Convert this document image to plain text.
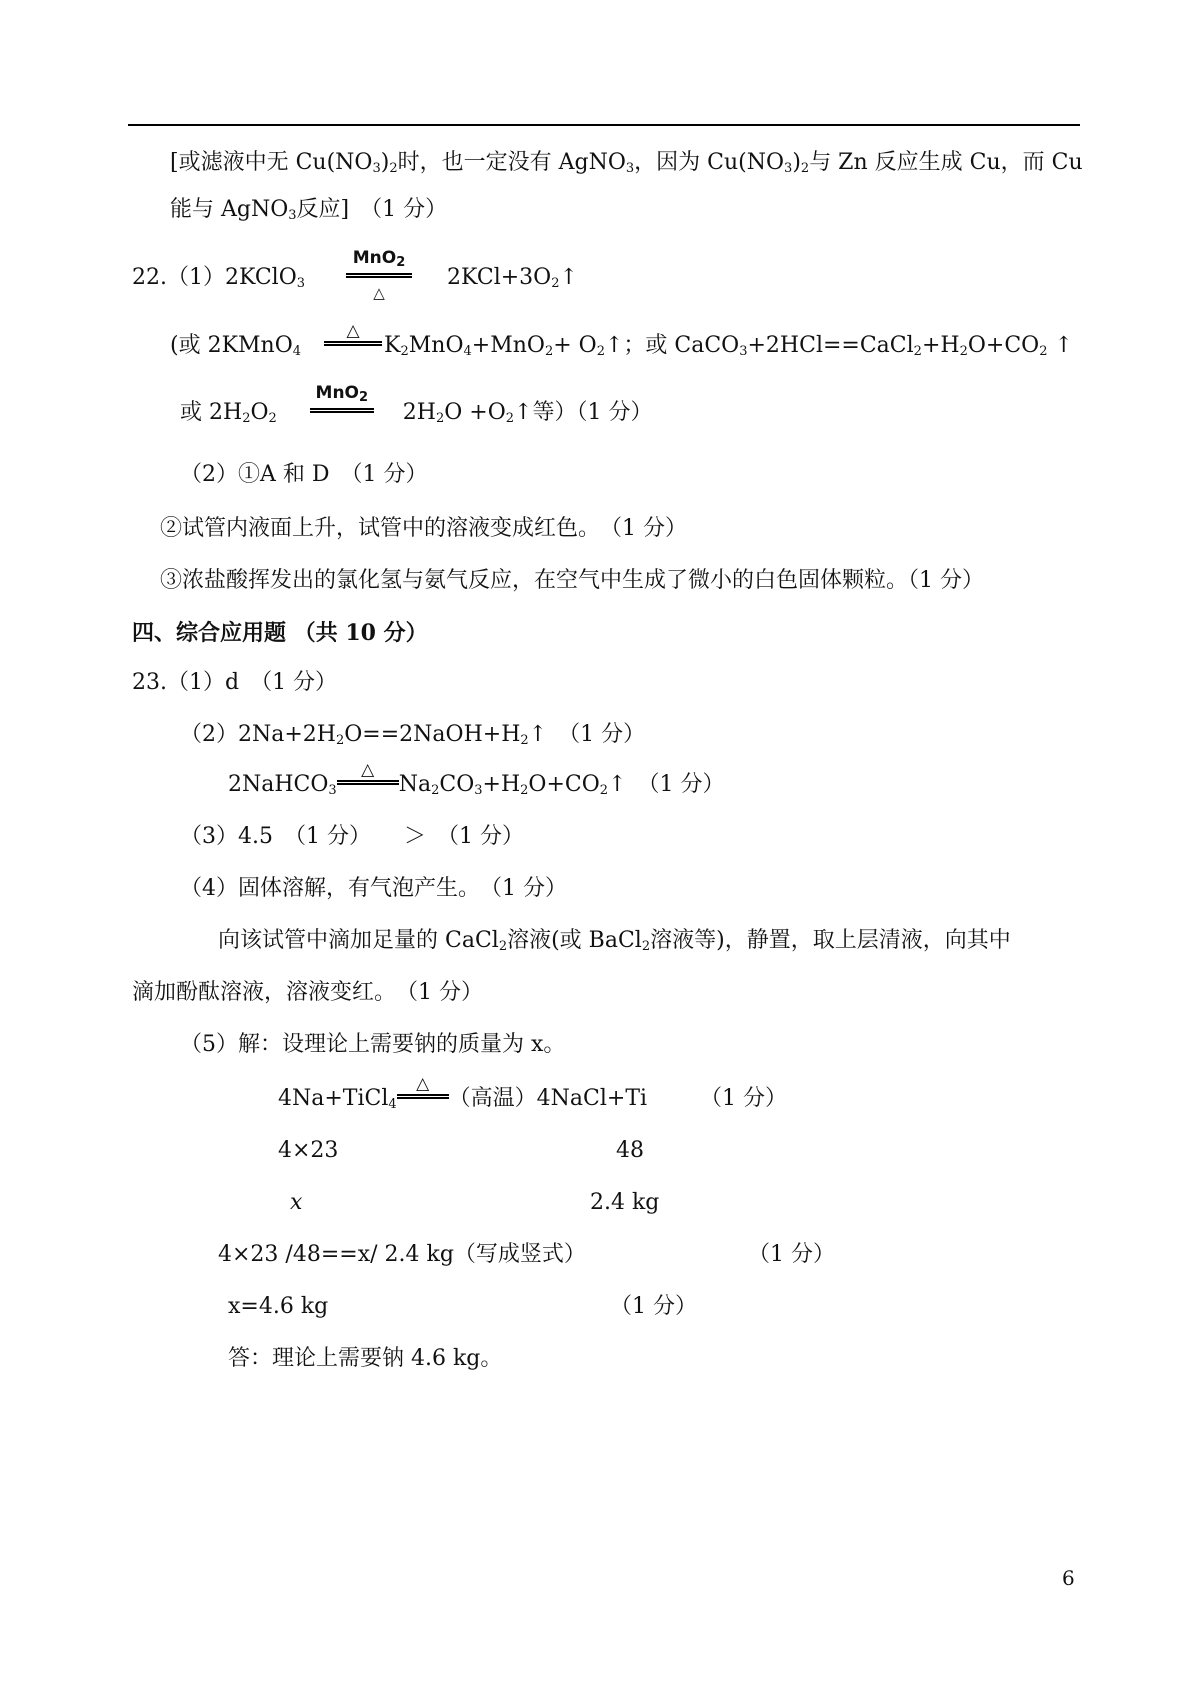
[或滤液中无 $Cu(NO_3)_2$时，也一定没有 AgNO$_3$，因为 $Cu(NO_3)_2$与 Zn 反应生成 Cu，而 Cu
能与 AgNO$_3$反应]　（1 分）
22.（1）2KClO$_3$
MnO$_2$
△
$2KCl+3O_2↑$
(或 2KMnO$_4$
△
$K_2MnO_4+MnO_2+$ $O_2↑$；或 $CaCO_3+2HCl==CaCl_2+H_2O+CO_2$ ↑
或 $2H_2O_2$
MnO$_2$
$2H_2O$ $+O_2↑$等）（1 分）
（2）①A 和 D　（1 分）
②试管内液面上升，试管中的溶液变成红色。　（1 分）
③浓盐酸挥发出的氯化氢与氨气反应，在空气中生成了微小的白色固体颗粒。（1 分）
四、综合应用题 （共 10 分）
23.（1）d　（1 分）
$(2)2Na+2H_2O==2NaOH+H_2↑$　（1 分）
2NaHCO$_3$
△
$Na_2CO_3+H_2O+CO_2↑$　（1 分）
（3）4.5　（1 分）　　＞　（1 分）
（4）固体溶解，有气泡产生。　（1 分）
向该试管中滴加足量的 CaCl$_2$溶液(或 BaCl$_2$溶液等)，静置，取上层清液，向其中
滴加酚酞溶液，溶液变红。　（1 分）
（5）解：设理论上需要钠的质量为 x。
4Na+TiCl$_4$
△
（高温）4NaCl+Ti （1 分）
4×23	48
x	2.4 kg
4×23 /48==x/ 2.4 kg（写成竖式）	（1 分）
x=4.6 kg	（1 分）
答：理论上需要钠 4.6 kg。
6
